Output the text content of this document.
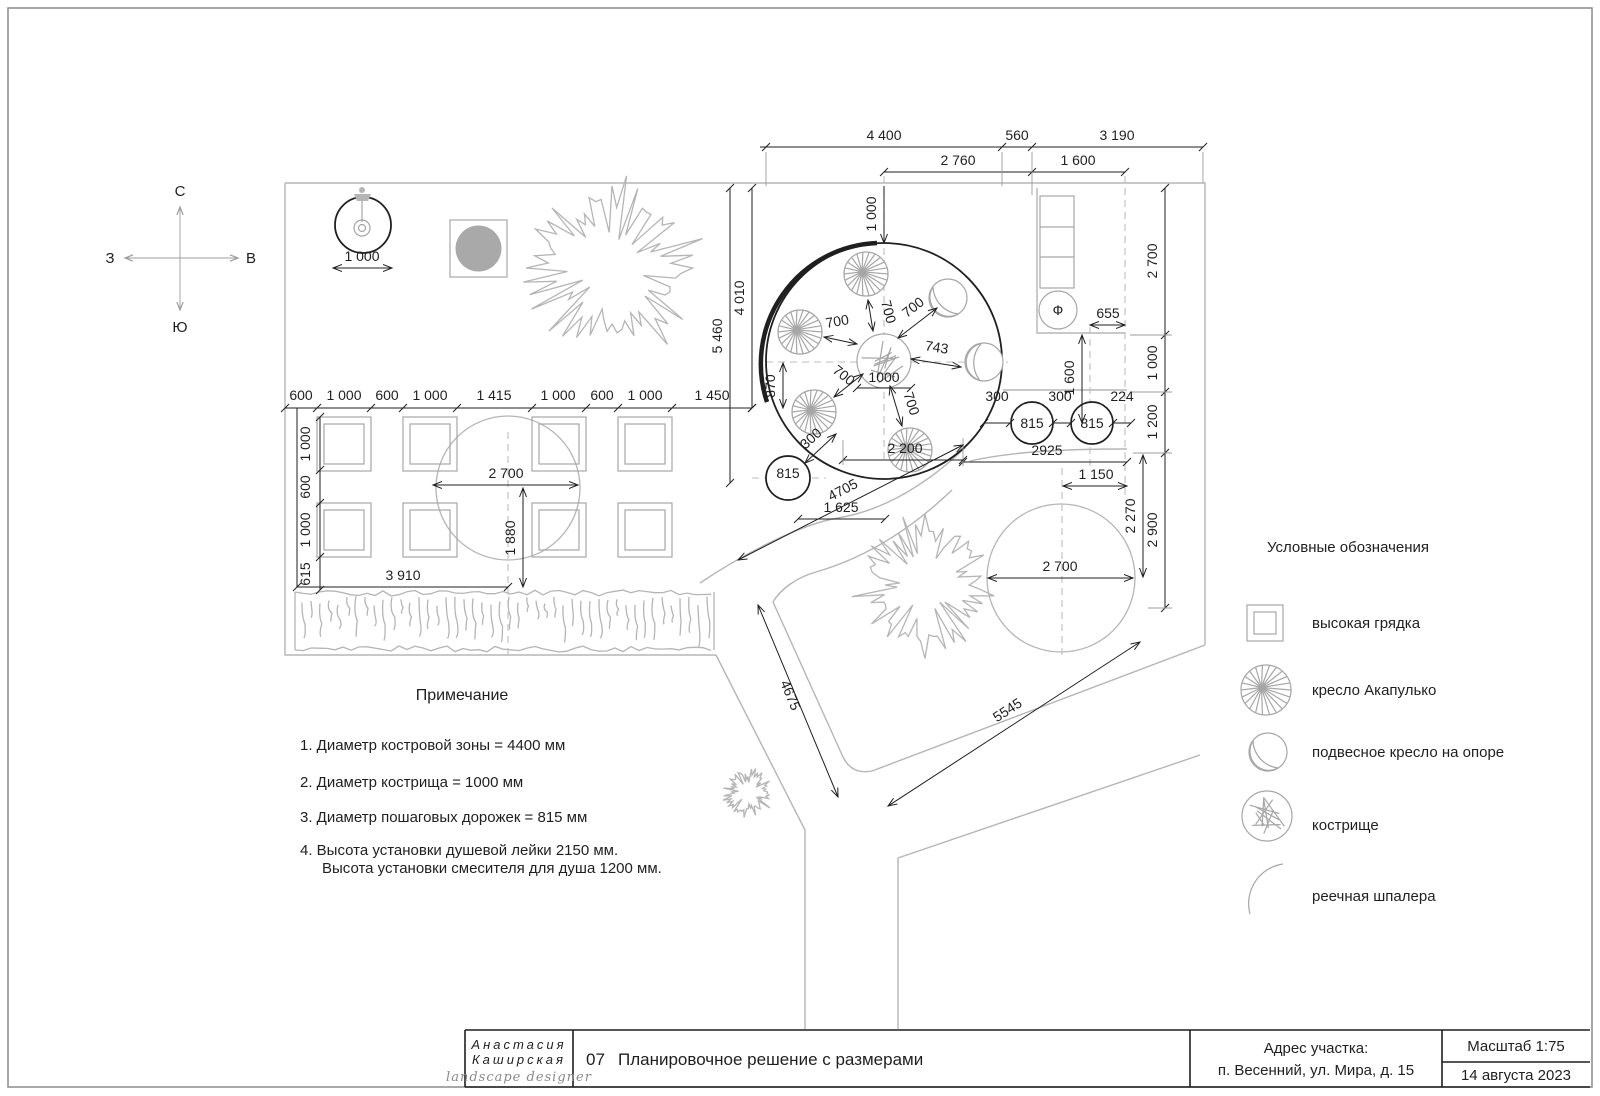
С
Ю
З	В
Ф
815
815	815
4 400	560	3 190
2 760	1 600
5 460
4 010
1 000
2 700
1 000
1 200
2 900
2 270
655
1 600
300	300	224
2925
1 150
700 700
700
700
700
743
1000
870
2 200
1 625
300
600 1 000 600 1 000 1 415 1 000 600 1 000 1 450
1 000
600
1 000
615	3 910
2 700
1 880
1 000
2 700
4705
4675	5545
Примечание
1. Диаметр костровой зоны = 4400 мм
2. Диаметр кострища = 1000 мм
3. Диаметр пошаговых дорожек = 815 мм
4. Высота установки душевой лейки 2150 мм.
Высота установки смесителя для душа 1200 мм.
Условные обозначения
высокая грядка
кресло Акапулько
подвесное кресло на опоре
кострище
реечная шпалера
Анастасия
Каширская
landscape designer
07 Планировочное решение с размерами
Адрес участка:
п. Весенний, ул. Мира, д. 15
Масштаб 1:75
14 августа 2023
